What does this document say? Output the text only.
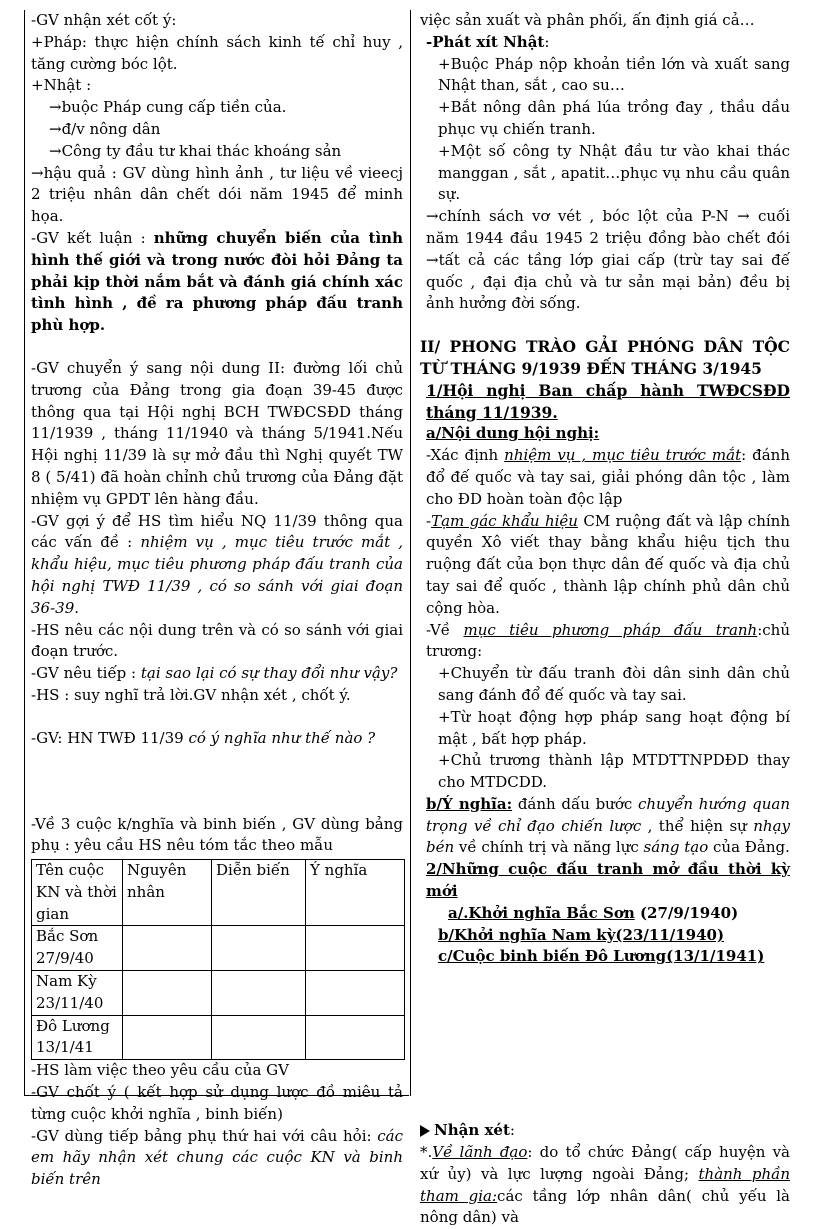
-GV nhận xét cốt ý:

+Pháp: thực hiện chính sách kinh tế chỉ huy , tăng cường bóc lột.

+Nhật :

→buộc Pháp cung cấp tiền của.

→đ/v nông dân

→Công ty đầu tư khai thác khoáng sản

→hậu quả : GV dùng hình ảnh , tư liệu về vieecj 2 triệu nhân dân chết dói năm 1945 để minh họa.

-GV kết luận : những chuyển biến của tình hình thế giới và trong nước đòi hỏi Đảng ta phải kịp thời nắm bắt và đánh giá chính xác tình hình , đề ra phương pháp đấu tranh phù hợp.

-GV chuyển ý sang nội dung II: đường lối chủ trương của Đảng trong gia đoạn 39-45 được thông qua tại Hội nghị BCH TWĐCSĐD tháng 11/1939 , tháng 11/1940 và tháng 5/1941.Nếu Hội nghị 11/39 là sự mở đầu thì Nghị quyết TW 8 ( 5/41) đã hoàn chỉnh chủ trương của Đảng đặt nhiệm vụ GPDT lên hàng đầu.

-GV gợi ý để HS tìm hiểu NQ 11/39 thông qua các vấn đề : nhiệm vụ , mục tiêu trước mắt , khẩu hiệu, mục tiêu phương pháp đấu tranh của hội nghị TWĐ 11/39 , có so sánh với giai đoạn 36-39.

-HS nêu các nội dung trên và có so sánh với giai đoạn trước.

-GV nêu tiếp : tại sao lại có sự thay đổi như vậy?

-HS : suy nghĩ trả lời.GV nhận xét , chốt ý.

-GV: HN TWĐ 11/39 có ý nghĩa như thế nào ?

-Về 3 cuộc k/nghĩa và binh biến , GV dùng bảng phụ : yêu cầu HS nêu tóm tắc theo mẫu

Tên cuộc KN và thời gian	Nguyên nhân	Diễn biến	Ý nghĩa
Bắc Sơn 27/9/40			
Nam Kỳ 23/11/40			
Đô Lương 13/1/41			

-HS làm việc theo yêu cầu của GV

-GV chốt ý ( kết hợp sử dụng lược đồ miêu tả từng cuộc khởi nghĩa , binh biến)

-GV dùng tiếp bảng phụ thứ hai với câu hỏi: các em hãy nhận xét chung các cuộc KN và binh biến trên

việc sản xuất và phân phối, ấn định giá cả…

-Phát xít Nhật:

+Buộc Pháp nộp khoản tiền lớn và xuất sang Nhật than, sắt , cao su…

+Bắt nông dân phá lúa trồng đay , thầu dầu phục vụ chiến tranh.

+Một số công ty Nhật đầu tư vào khai thác manggan , sắt , apatit…phục vụ nhu cầu quân sự.

→chính sách vơ vét , bóc lột của P-N → cuối năm 1944 đầu 1945 2 triệu đồng bào chết đói →tất cả các tầng lớp giai cấp (trừ tay sai đế quốc , đại địa chủ và tư sản mại bản) đều bị ảnh hưởng đời sống.

II/ PHONG TRÀO GẢI PHÓNG DÂN TỘC TỪ THÁNG 9/1939 ĐẾN THÁNG 3/1945

1/Hội nghị Ban chấp hành TWĐCSĐD tháng 11/1939.

a/Nội dung hội nghị:

-Xác định nhiệm vụ , mục tiêu trước mắt: đánh đổ đế quốc và tay sai, giải phóng dân tộc , làm cho ĐD hoàn toàn độc lập

-Tạm gác khẩu hiệu CM ruộng đất và lập chính quyền Xô viết thay bằng khẩu hiệu tịch thu ruộng đất của bọn thực dân đế quốc và địa chủ tay sai để quốc , thành lập chính phủ dân chủ cộng hòa.

-Về mục tiêu phương pháp đấu tranh:chủ trương:

+Chuyển từ đấu tranh đòi dân sinh dân chủ sang đánh đổ đế quốc và tay sai.

+Từ hoạt động hợp pháp sang hoạt động bí mật , bất hợp pháp.

+Chủ trương thành lập MTDTTNPDĐD thay cho MTDCDD.

b/Ý nghĩa: đánh dấu bước chuyển hướng quan trọng về chỉ đạo chiến lược , thể hiện sự nhạy bén về chính trị và năng lực sáng tạo của Đảng.

2/Những cuộc đấu tranh mở đầu thời kỳ mới

a/.Khởi nghĩa Bắc Sơn (27/9/1940)

b/Khởi nghĩa Nam kỳ(23/11/1940)

c/Cuộc binh biến Đô Lương(13/1/1941)

Nhận xét:

*.Về lãnh đạo: do tổ chức Đảng( cấp huyện và xứ ủy) và lực lượng ngoài Đảng; thành phần tham gia:các tầng lớp nhân dân( chủ yếu là nông dân) và
